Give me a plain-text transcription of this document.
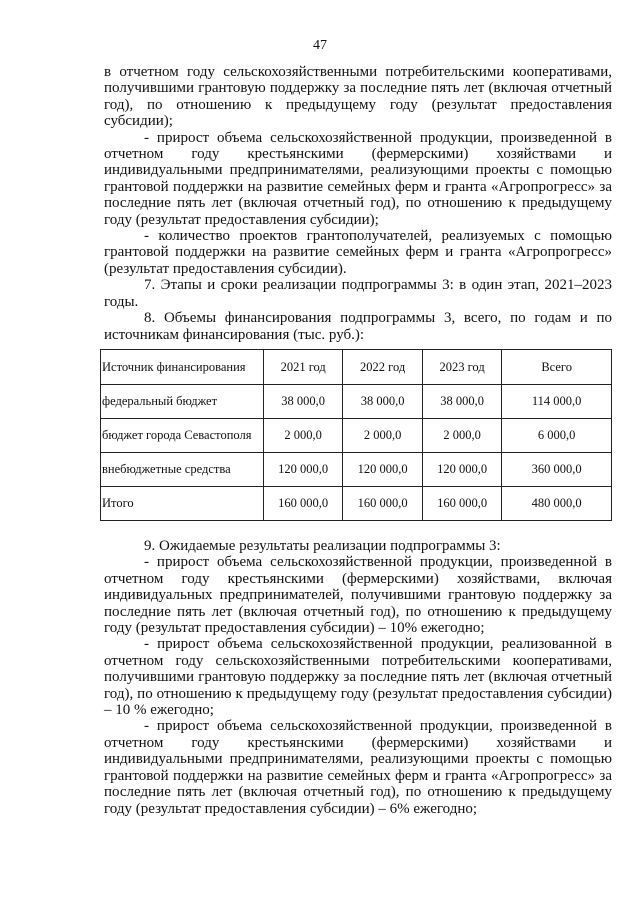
47

в отчетном году сельскохозяйственными потребительскими кооперативами, получившими грантовую поддержку за последние пять лет (включая отчетный год), по отношению к предыдущему году (результат предоставления субсидии);

- прирост объема сельскохозяйственной продукции, произведенной в отчетном году крестьянскими (фермерскими) хозяйствами и индивидуальными предпринимателями, реализующими проекты с помощью грантовой поддержки на развитие семейных ферм и гранта «Агропрогресс» за последние пять лет (включая отчетный год), по отношению к предыдущему году (результат предоставления субсидии);

- количество проектов грантополучателей, реализуемых с помощью грантовой поддержки на развитие семейных ферм и гранта «Агропрогресс» (результат предоставления субсидии).

7. Этапы и сроки реализации подпрограммы 3: в один этап, 2021–2023 годы.

8. Объемы финансирования подпрограммы 3, всего, по годам и по источникам финансирования (тыс. руб.):

Источник финансирования	2021 год	2022 год	2023 год	Всего
федеральный бюджет	38 000,0	38 000,0	38 000,0	114 000,0
бюджет города Севастополя	2 000,0	2 000,0	2 000,0	6 000,0
внебюджетные средства	120 000,0	120 000,0	120 000,0	360 000,0
Итого	160 000,0	160 000,0	160 000,0	480 000,0

9. Ожидаемые результаты реализации подпрограммы 3:

- прирост объема сельскохозяйственной продукции, произведенной в отчетном году крестьянскими (фермерскими) хозяйствами, включая индивидуальных предпринимателей, получившими грантовую поддержку за последние пять лет (включая отчетный год), по отношению к предыдущему году (результат предоставления субсидии) – 10% ежегодно;

- прирост объема сельскохозяйственной продукции, реализованной в отчетном году сельскохозяйственными потребительскими кооперативами, получившими грантовую поддержку за последние пять лет (включая отчетный год), по отношению к предыдущему году (результат предоставления субсидии) – 10 % ежегодно;

- прирост объема сельскохозяйственной продукции, произведенной в отчетном году крестьянскими (фермерскими) хозяйствами и индивидуальными предпринимателями, реализующими проекты с помощью грантовой поддержки на развитие семейных ферм и гранта «Агропрогресс» за последние пять лет (включая отчетный год), по отношению к предыдущему году (результат предоставления субсидии) – 6% ежегодно;
